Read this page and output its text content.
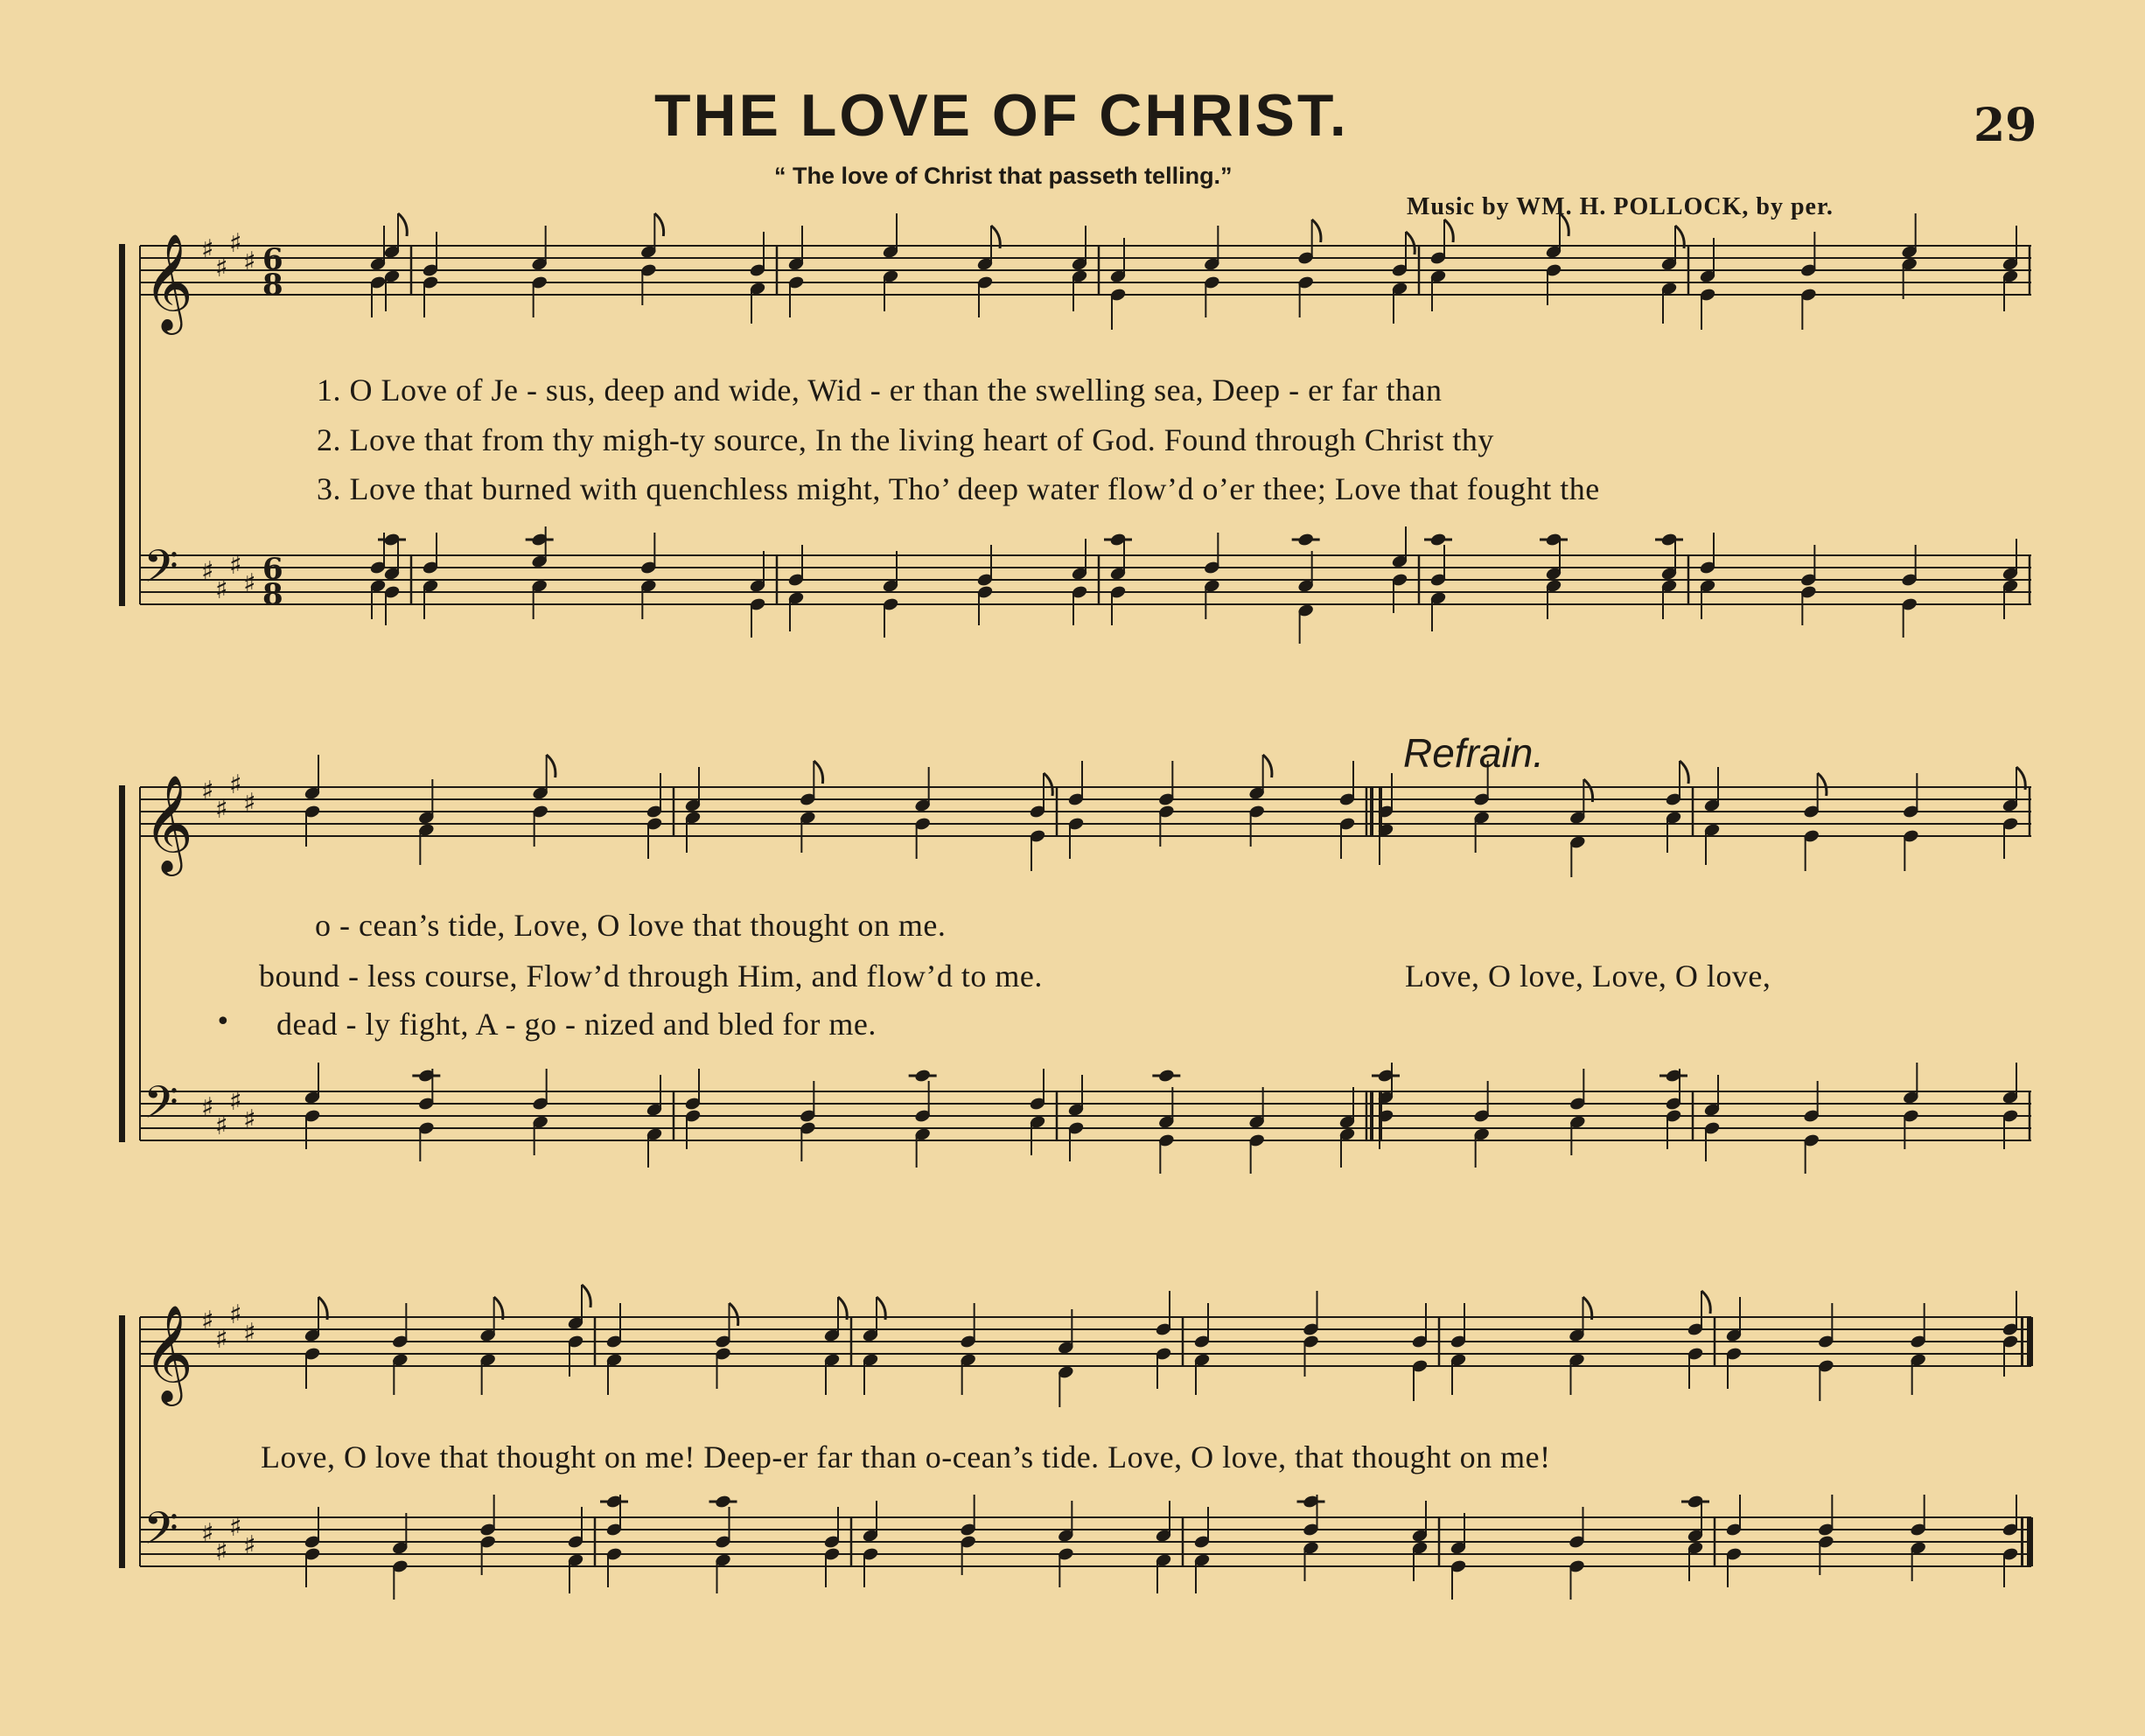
THE LOVE OF CHRIST.	29
“ The love of Christ that passeth telling.”
Music by WM. H. POLLOCK, by per.
𝄞
𝄢
♯
♯
♯
♯
♯
♯
♯
♯
6
8
6
8
𝄞
𝄢
♯
♯
♯
♯
♯
♯
♯
♯
𝄞
𝄢
♯
♯
♯
♯
♯
♯
♯
♯
Refrain.
1. O Love of Je - sus, deep and wide, Wid - er than the swelling sea, Deep - er far than
2. Love that from thy migh-ty source, In the living heart of God. Found through Christ thy
3. Love that burned with quenchless might, Tho’ deep water flow’d o’er thee; Love that fought the
o - cean’s tide, Love, O love that thought on me.
bound - less course, Flow’d through Him, and flow’d to me.	Love, O love, Love, O love,
• dead - ly fight, A - go - nized and bled for me.
Love, O love that thought on me! Deep-er far than o-cean’s tide. Love, O love, that thought on me!
